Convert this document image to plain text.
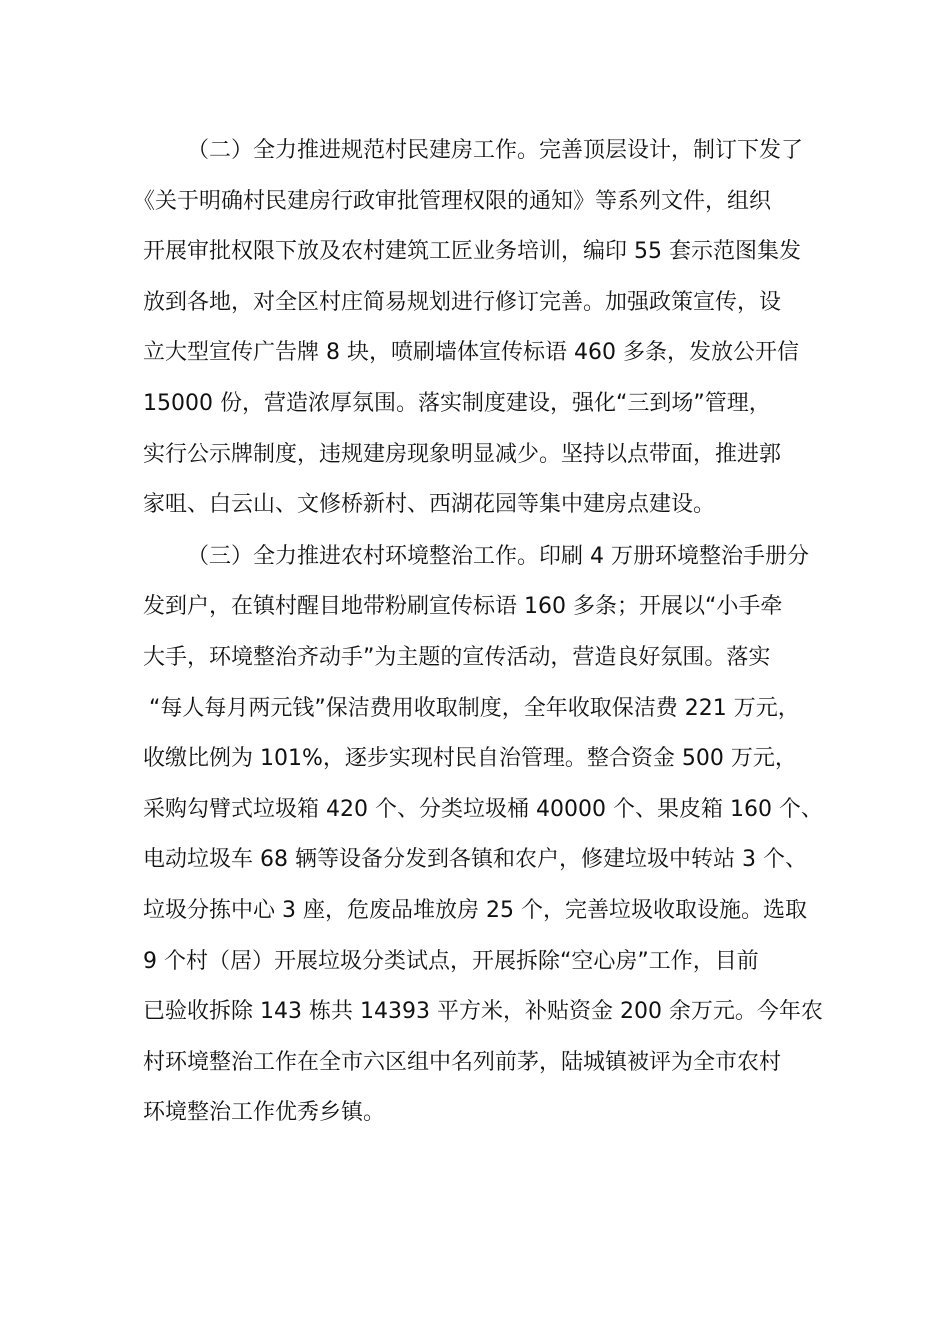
（二）全力推进规范村民建房工作。完善顶层设计，制订下发了
《关于明确村民建房行政审批管理权限的通知》等系列文件，组织
开展审批权限下放及农村建筑工匠业务培训，编印 55 套示范图集发
放到各地，对全区村庄简易规划进行修订完善。加强政策宣传，设
立大型宣传广告牌 8 块，喷刷墙体宣传标语 460 多条，发放公开信
15000 份，营造浓厚氛围。落实制度建设，强化“三到场”管理，
实行公示牌制度，违规建房现象明显减少。坚持以点带面，推进郭
家咀、白云山、文修桥新村、西湖花园等集中建房点建设。
（三）全力推进农村环境整治工作。印刷 4 万册环境整治手册分
发到户，在镇村醒目地带粉刷宣传标语 160 多条；开展以“小手牵
大手，环境整治齐动手”为主题的宣传活动，营造良好氛围。落实
“每人每月两元钱”保洁费用收取制度，全年收取保洁费 221 万元，
收缴比例为 101%，逐步实现村民自治管理。整合资金 500 万元，
采购勾臂式垃圾箱 420 个、分类垃圾桶 40000 个、果皮箱 160 个、
电动垃圾车 68 辆等设备分发到各镇和农户，修建垃圾中转站 3 个、
垃圾分拣中心 3 座，危废品堆放房 25 个，完善垃圾收取设施。选取
9 个村（居）开展垃圾分类试点，开展拆除“空心房”工作，目前
已验收拆除 143 栋共 14393 平方米，补贴资金 200 余万元。今年农
村环境整治工作在全市六区组中名列前茅，陆城镇被评为全市农村
环境整治工作优秀乡镇。
